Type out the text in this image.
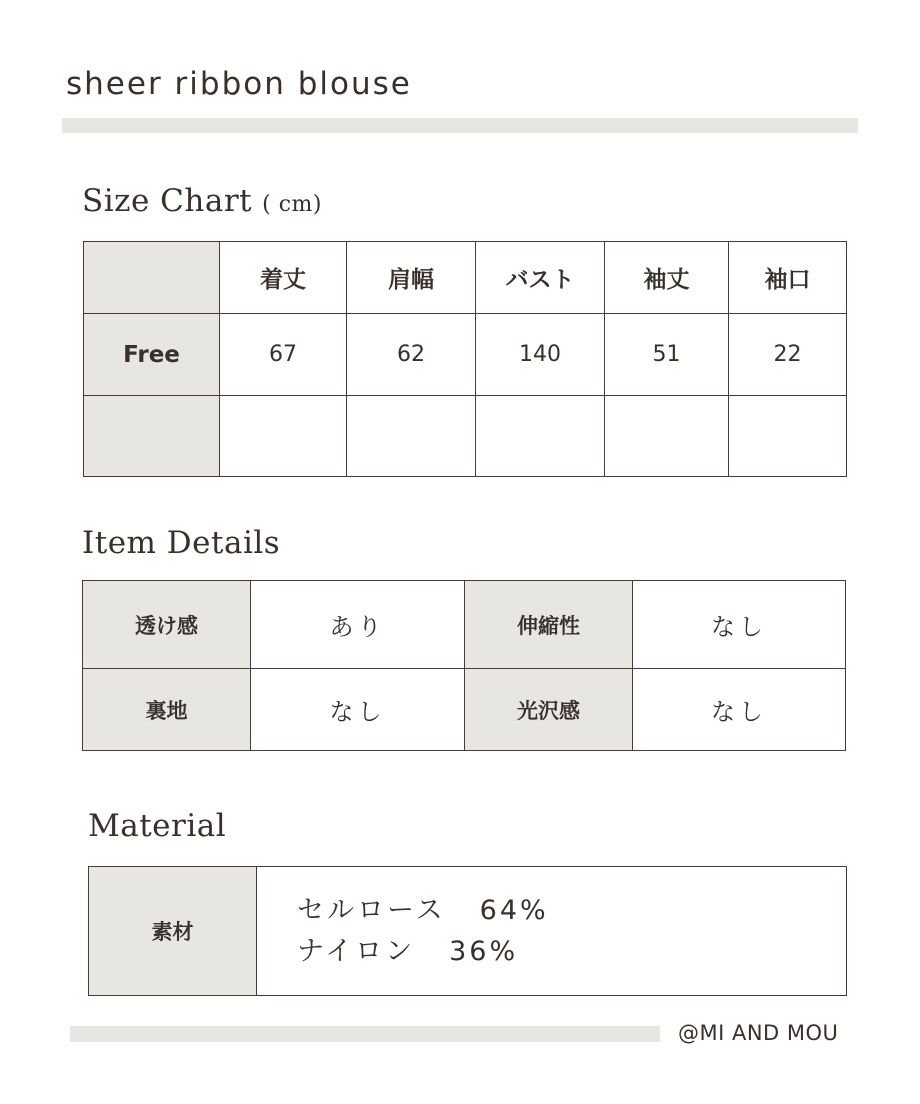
sheer ribbon blouse
Size Chart ( cm)
	着丈	肩幅	バスト	袖丈	袖口
Free	67	62	140	51	22

Item Details
透け感	あり	伸縮性	なし
裏地	なし	光沢感	なし
Material
素材	
セルロース 64%
ナイロン 36%
@MI AND MOU
